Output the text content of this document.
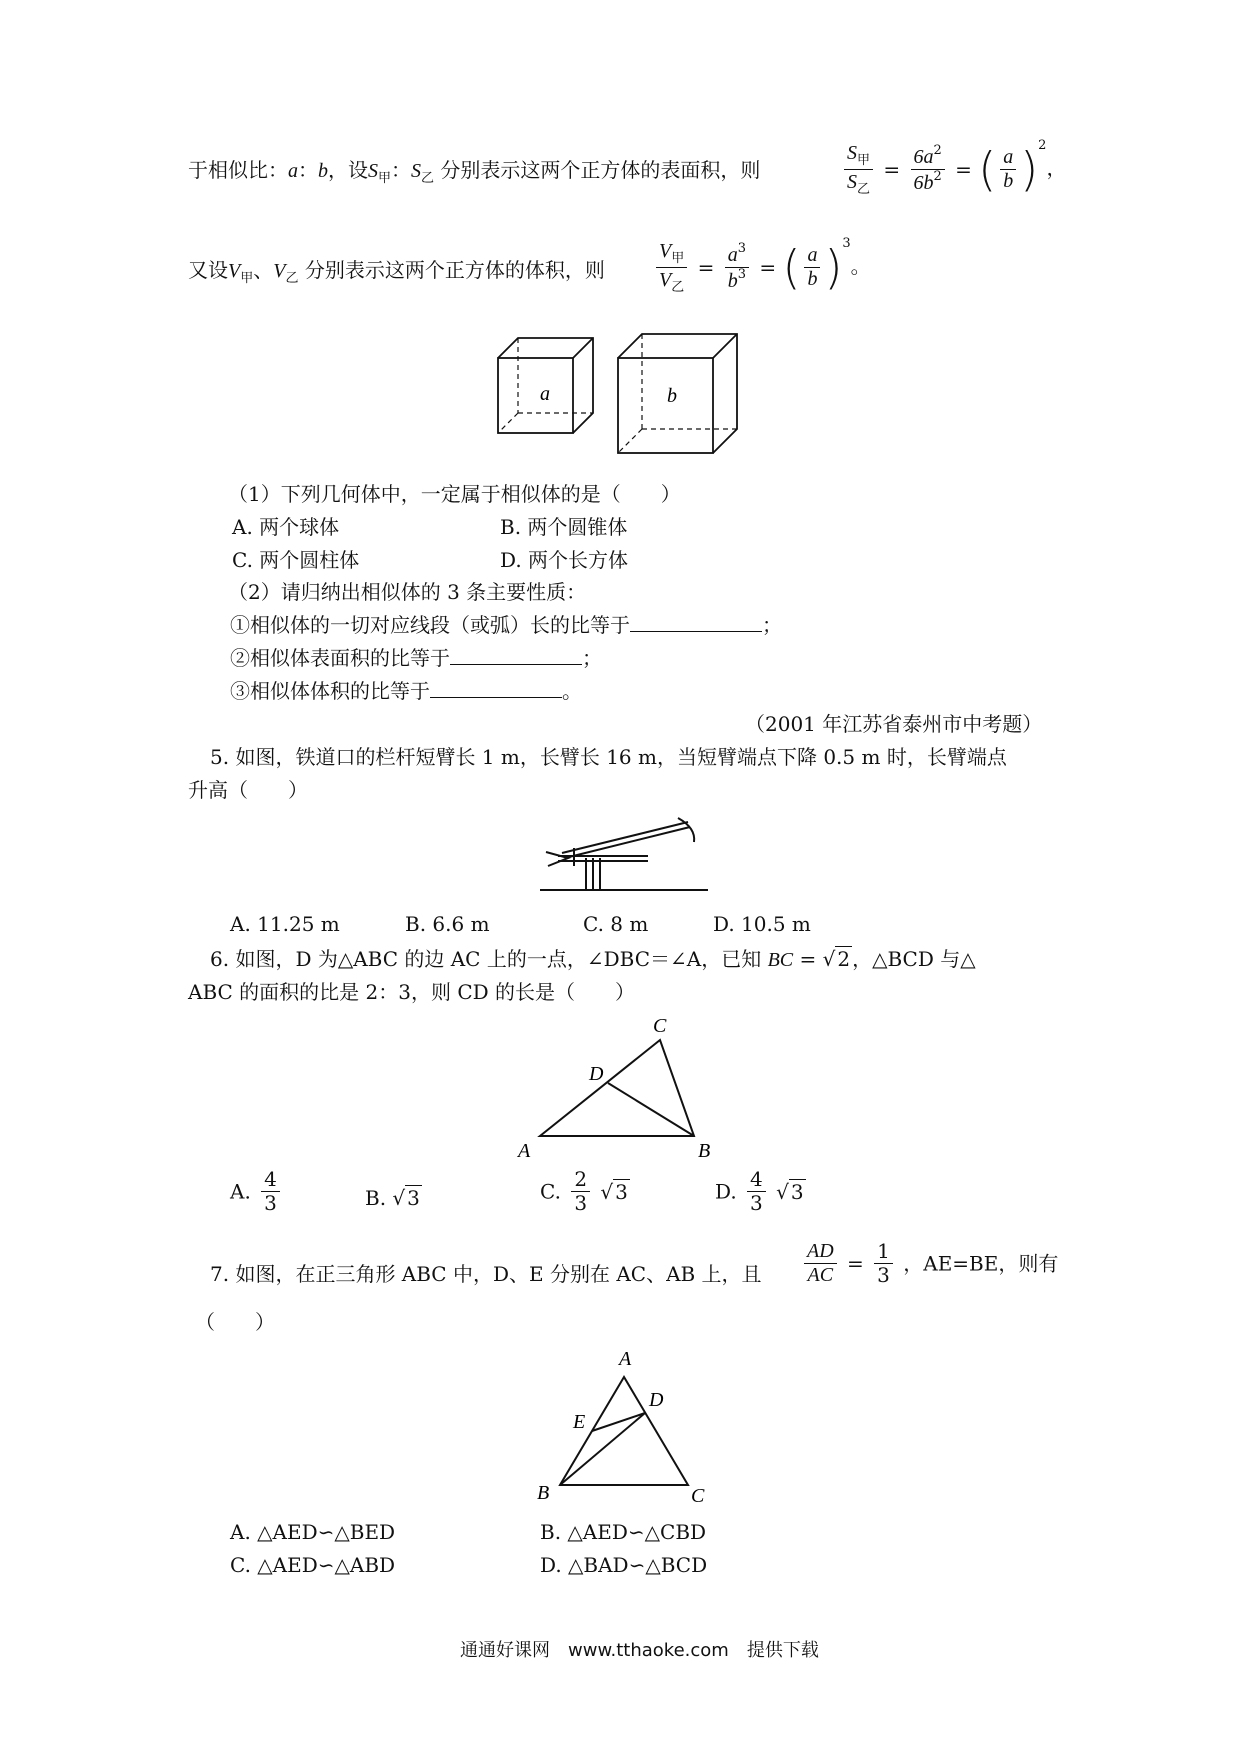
于相似比：a：b，设$S_甲$：$S_乙$ 分别表示这两个正方体的表面积，则	$\frac{S_甲}{S_乙} = \frac{6a^2}{6b^2}$ = ( $\frac{a}{b} )^2$，
又设$V_甲$、$V_乙$ 分别表示这两个正方体的体积，则	$\frac{V_甲}{V_乙} = \frac{a^3}{b^3}$ = ( $\frac{a}{b} )^3$。
a	b
（1）下列几何体中，一定属于相似体的是（　　）
A. 两个球体	B. 两个圆锥体
C. 两个圆柱体	D. 两个长方体
（2）请归纳出相似体的 3 条主要性质：
①相似体的一切对应线段（或弧）长的比等于	；
②相似体表面积的比等于	；
③相似体体积的比等于	。
（2001 年江苏省泰州市中考题）
5. 如图，铁道口的栏杆短臂长 1 m，长臂长 16 m，当短臂端点下降 0.5 m 时，长臂端点
升高（　　）
A. 11.25 m	B. 6.6 m	C. 8 m	D. 10.5 m
6. 如图，D 为△ABC 的边 AC 上的一点，∠DBC＝∠A，已知 BC = √ 2 ，△BCD 与△
ABC 的面积的比是 2：3，则 CD 的长是（　　）
A	B
C
D
A. $\frac{4}{3}$	B. √ 3	C. $\frac{2}{3}$ √ 3	D. $\frac{4}{3}$ √ 3
7. 如图，在正三角形 ABC 中，D、E 分别在 AC、AB 上，且 $\frac{AD}{AC} = \frac{1}{3}$ ，AE=BE，则有
（　　）
A
B	C
D
E
A. △AED∽△BED	B. △AED∽△CBD
C. △AED∽△ABD	D. △BAD∽△BCD
通通好课网　www.tthaoke.com　提供下载
